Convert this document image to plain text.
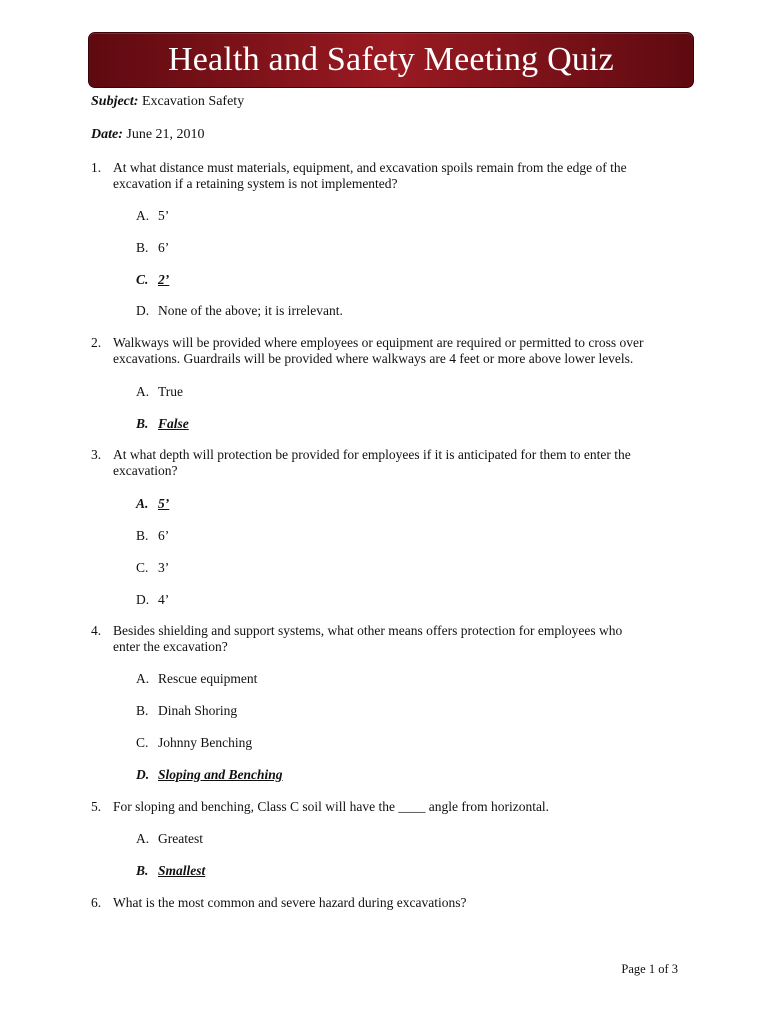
Health and Safety Meeting Quiz
Subject: Excavation Safety
Date: June 21, 2010
1. At what distance must materials, equipment, and excavation spoils remain from the edge of the excavation if a retaining system is not implemented?
A. 5’
B. 6’
C. 2’
D. None of the above; it is irrelevant.
2. Walkways will be provided where employees or equipment are required or permitted to cross over excavations. Guardrails will be provided where walkways are 4 feet or more above lower levels.
A. True
B. False
3. At what depth will protection be provided for employees if it is anticipated for them to enter the excavation?
A. 5’
B. 6’
C. 3’
D. 4’
4. Besides shielding and support systems, what other means offers protection for employees who enter the excavation?
A. Rescue equipment
B. Dinah Shoring
C. Johnny Benching
D. Sloping and Benching
5. For sloping and benching, Class C soil will have the ____ angle from horizontal.
A. Greatest
B. Smallest
6. What is the most common and severe hazard during excavations?
Page 1 of 3
